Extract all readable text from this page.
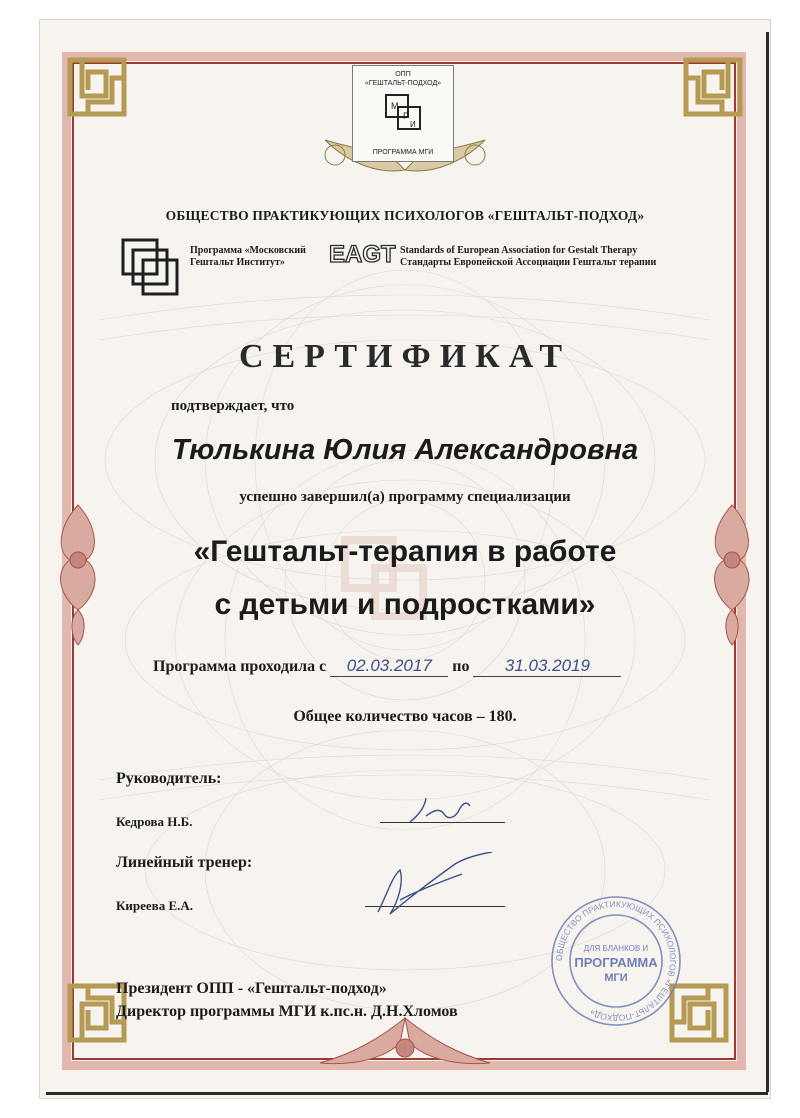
ОПП
«ГЕШТАЛЬТ-ПОДХОД»
М
Г
И
ПРОГРАММА МГИ
ОБЩЕСТВО ПРАКТИКУЮЩИХ ПСИХОЛОГОВ «ГЕШТАЛЬТ-ПОДХОД»
Программа «Московский
Гештальт Институт»	EAGT Standards of European Association for Gestalt Therapy
Стандарты Европейской Ассоциации Гештальт терапии
СЕРТИФИКАТ
подтверждает, что
Тюлькина Юлия Александровна
успешно завершил(а) программу специализации
«Гештальт-терапия в работе
с детьми и подростками»
Программа проходила с 02.03.2017 по 31.03.2019
Общее количество часов – 180.
Руководитель:
Кедрова Н.Б.
Линейный тренер:
Киреева Е.А.
Президент ОПП - «Гештальт-подход»
Директор программы МГИ к.пс.н. Д.Н.Хломов
ОБЩЕСТВО ПРАКТИКУЮЩИХ ПСИХОЛОГОВ «ГЕШТАЛЬТ-ПОДХОД»
ДЛЯ БЛАНКОВ И
ПРОГРАММА
МГИ
